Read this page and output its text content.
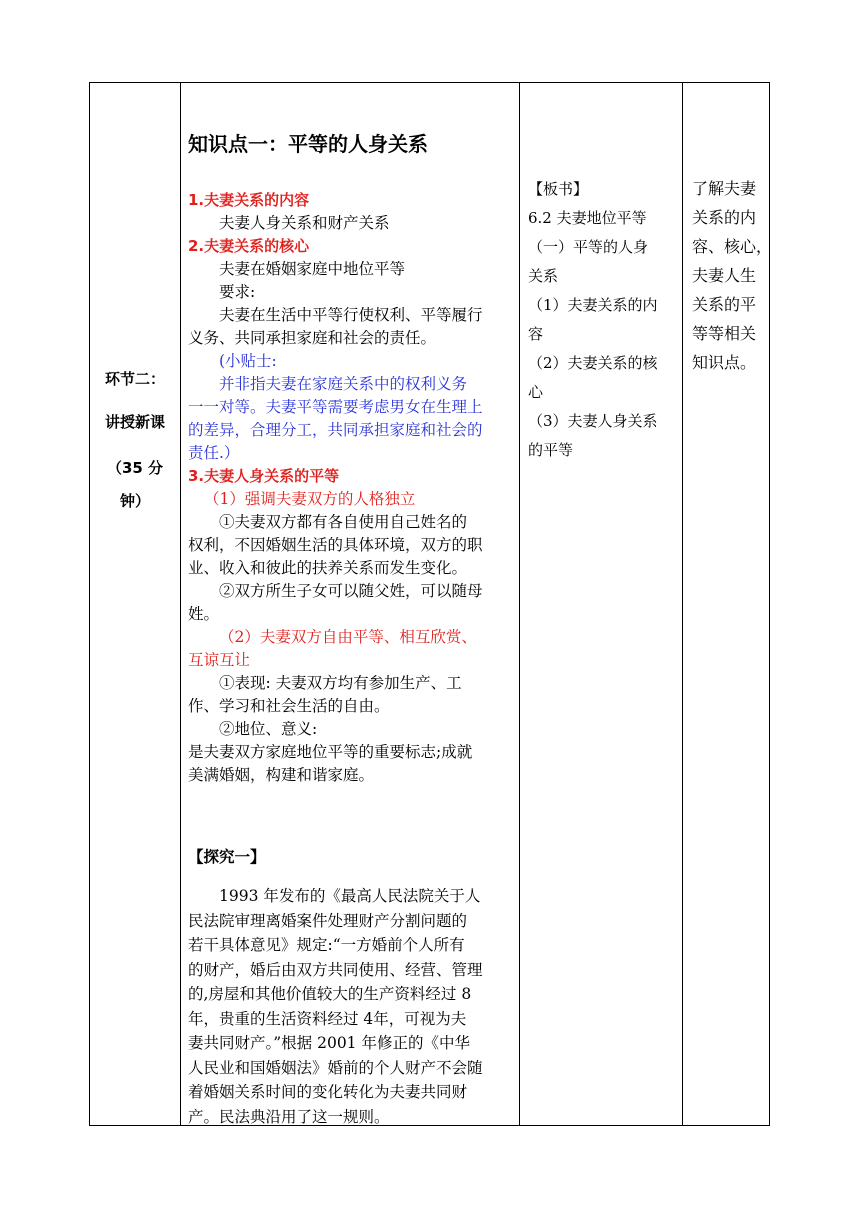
环节二：
讲授新课
（35 分
钟）
知识点一：平等的人身关系
1.夫妻关系的内容
夫妻人身关系和财产关系
2.夫妻关系的核心
夫妻在婚姻家庭中地位平等
要求:
夫妻在生活中平等行使权利、平等履行
义务、共同承担家庭和社会的责任。
(小贴士:
并非指夫妻在家庭关系中的权利义务
一一对等。夫妻平等需要考虑男女在生理上
的差异，合理分工，共同承担家庭和社会的
责任.）
3.夫妻人身关系的平等
（1）强调夫妻双方的人格独立
①夫妻双方都有各自使用自己姓名的
权利，不因婚姻生活的具体环境，双方的职
业、收入和彼此的扶养关系而发生变化。
②双方所生子女可以随父姓，可以随母
姓。
（2）夫妻双方自由平等、相互欣赏、
互谅互让
①表现: 夫妻双方均有参加生产、工
作、学习和社会生活的自由。
②地位、意义:
是夫妻双方家庭地位平等的重要标志;成就
美满婚姻，构建和谐家庭。
【探究一】
1993 年发布的《最高人民法院关于人
民法院审理离婚案件处理财产分割问题的
若干具体意见》规定:“一方婚前个人所有
的财产，婚后由双方共同使用、经营、管理
的,房屋和其他价值较大的生产资料经过 8
年，贵重的生活资料经过 4年，可视为夫
妻共同财产。”根据 2001 年修正的《中华
人民业和国婚姻法》婚前的个人财产不会随
着婚姻关系时间的变化转化为夫妻共同财
产。民法典沿用了这一规则。
【板书】
6.2 夫妻地位平等
（一）平等的人身
关系
（1）夫妻关系的内
容
（2）夫妻关系的核
心
（3）夫妻人身关系
的平等
了解夫妻
关系的内
容、核心，
夫妻人生
关系的平
等等相关
知识点。
